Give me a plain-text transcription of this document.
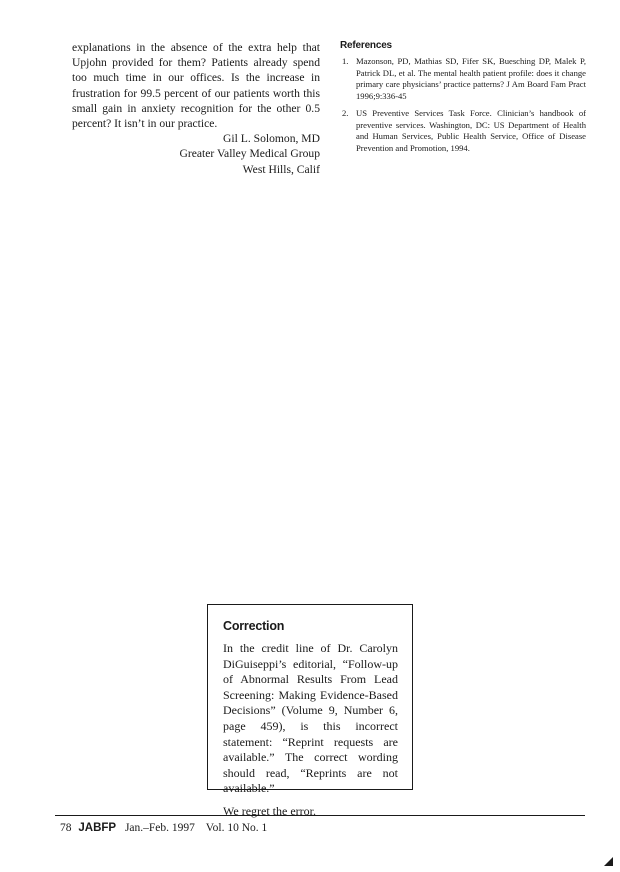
explanations in the absence of the extra help that Upjohn provided for them? Patients already spend too much time in our offices. Is the increase in frustration for 99.5 percent of our patients worth this small gain in anxiety recognition for the other 0.5 percent? It isn’t in our practice.

Gil L. Solomon, MD
Greater Valley Medical Group
West Hills, Calif
References
1. Mazonson, PD, Mathias SD, Fifer SK, Buesching DP, Malek P, Patrick DL, et al. The mental health patient profile: does it change primary care physicians’ practice patterns? J Am Board Fam Pract 1996;9:336-45
2. US Preventive Services Task Force. Clinician’s handbook of preventive services. Washington, DC: US Department of Health and Human Services, Public Health Service, Office of Disease Prevention and Promotion, 1994.
Correction

In the credit line of Dr. Carolyn DiGuiseppi’s editorial, “Follow-up of Abnormal Results From Lead Screening: Making Evidence-Based Decisions” (Volume 9, Number 6, page 459), is this incorrect statement: “Reprint requests are available.” The correct wording should read, “Reprints are not available.”

We regret the error.

78 JABFP Jan.–Feb. 1997 Vol. 10 No. 1
